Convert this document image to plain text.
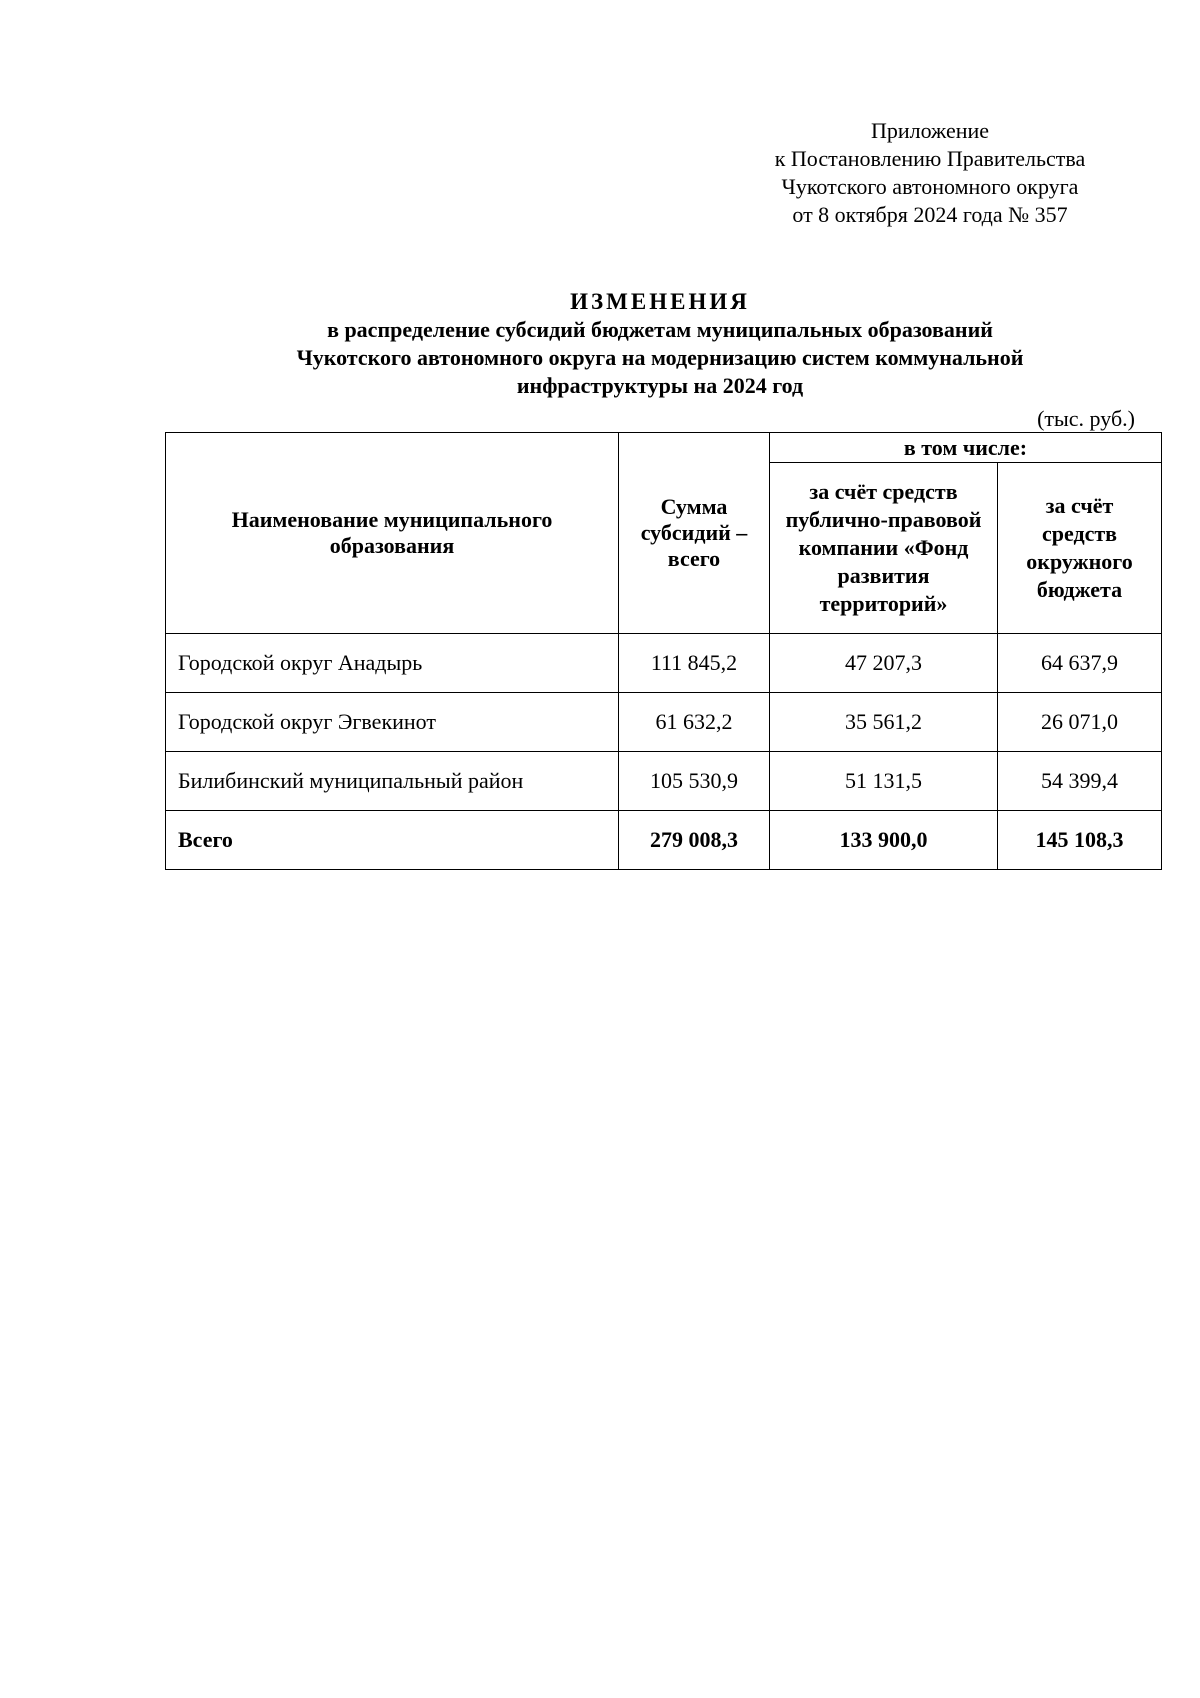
Приложение
к Постановлению Правительства
Чукотского автономного округа
от 8 октября 2024 года № 357
ИЗМЕНЕНИЯ
в распределение субсидий бюджетам муниципальных образований
Чукотского автономного округа на модернизацию систем коммунальной
инфраструктуры на 2024 год
(тыс. руб.)
Наименование муниципального образования	Сумма субсидий – всего	в том числе:	
		за счёт средств публично-правовой компании «Фонд развития территорий»	за счёт средств окружного бюджета
Городской округ Анадырь	111 845,2	47 207,3	64 637,9
Городской округ Эгвекинот	61 632,2	35 561,2	26 071,0
Билибинский муниципальный район	105 530,9	51 131,5	54 399,4
Всего	279 008,3	133 900,0	145 108,3
